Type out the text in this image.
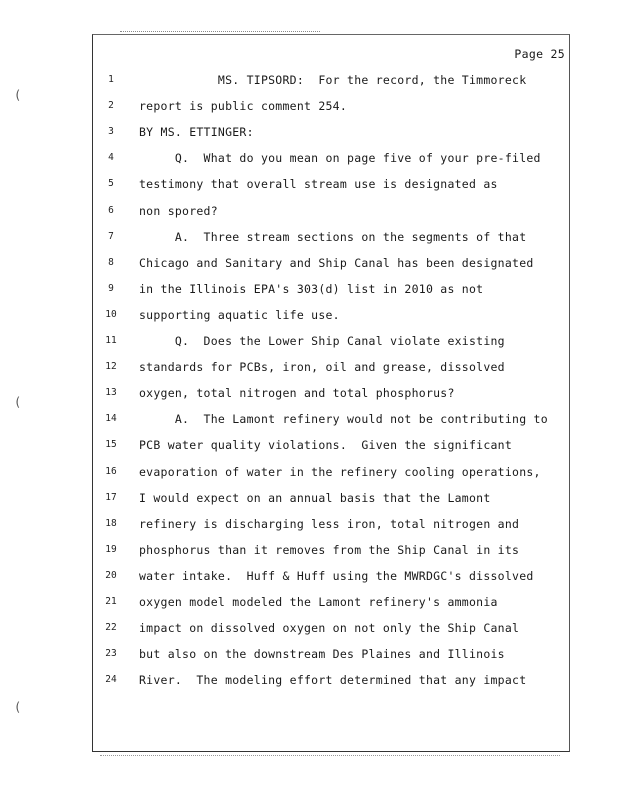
(
(
(
Page 25
1	MS. TIPSORD:  For the record, the Timmoreck
2	report is public comment 254.
3	BY MS. ETTINGER:
4	Q.  What do you mean on page five of your pre-filed
5	testimony that overall stream use is designated as
6	non spored?
7	A.  Three stream sections on the segments of that
8	Chicago and Sanitary and Ship Canal has been designated
9	in the Illinois EPA's 303(d) list in 2010 as not
10 supporting aquatic life use.
11 Q.  Does the Lower Ship Canal violate existing
12 standards for PCBs, iron, oil and grease, dissolved
13 oxygen, total nitrogen and total phosphorus?
14 A.  The Lamont refinery would not be contributing to
15 PCB water quality violations.  Given the significant
16 evaporation of water in the refinery cooling operations,
17 I would expect on an annual basis that the Lamont
18 refinery is discharging less iron, total nitrogen and
19 phosphorus than it removes from the Ship Canal in its
20 water intake.  Huff & Huff using the MWRDGC's dissolved
21 oxygen model modeled the Lamont refinery's ammonia
22 impact on dissolved oxygen on not only the Ship Canal
23 but also on the downstream Des Plaines and Illinois
24 River.  The modeling effort determined that any impact
